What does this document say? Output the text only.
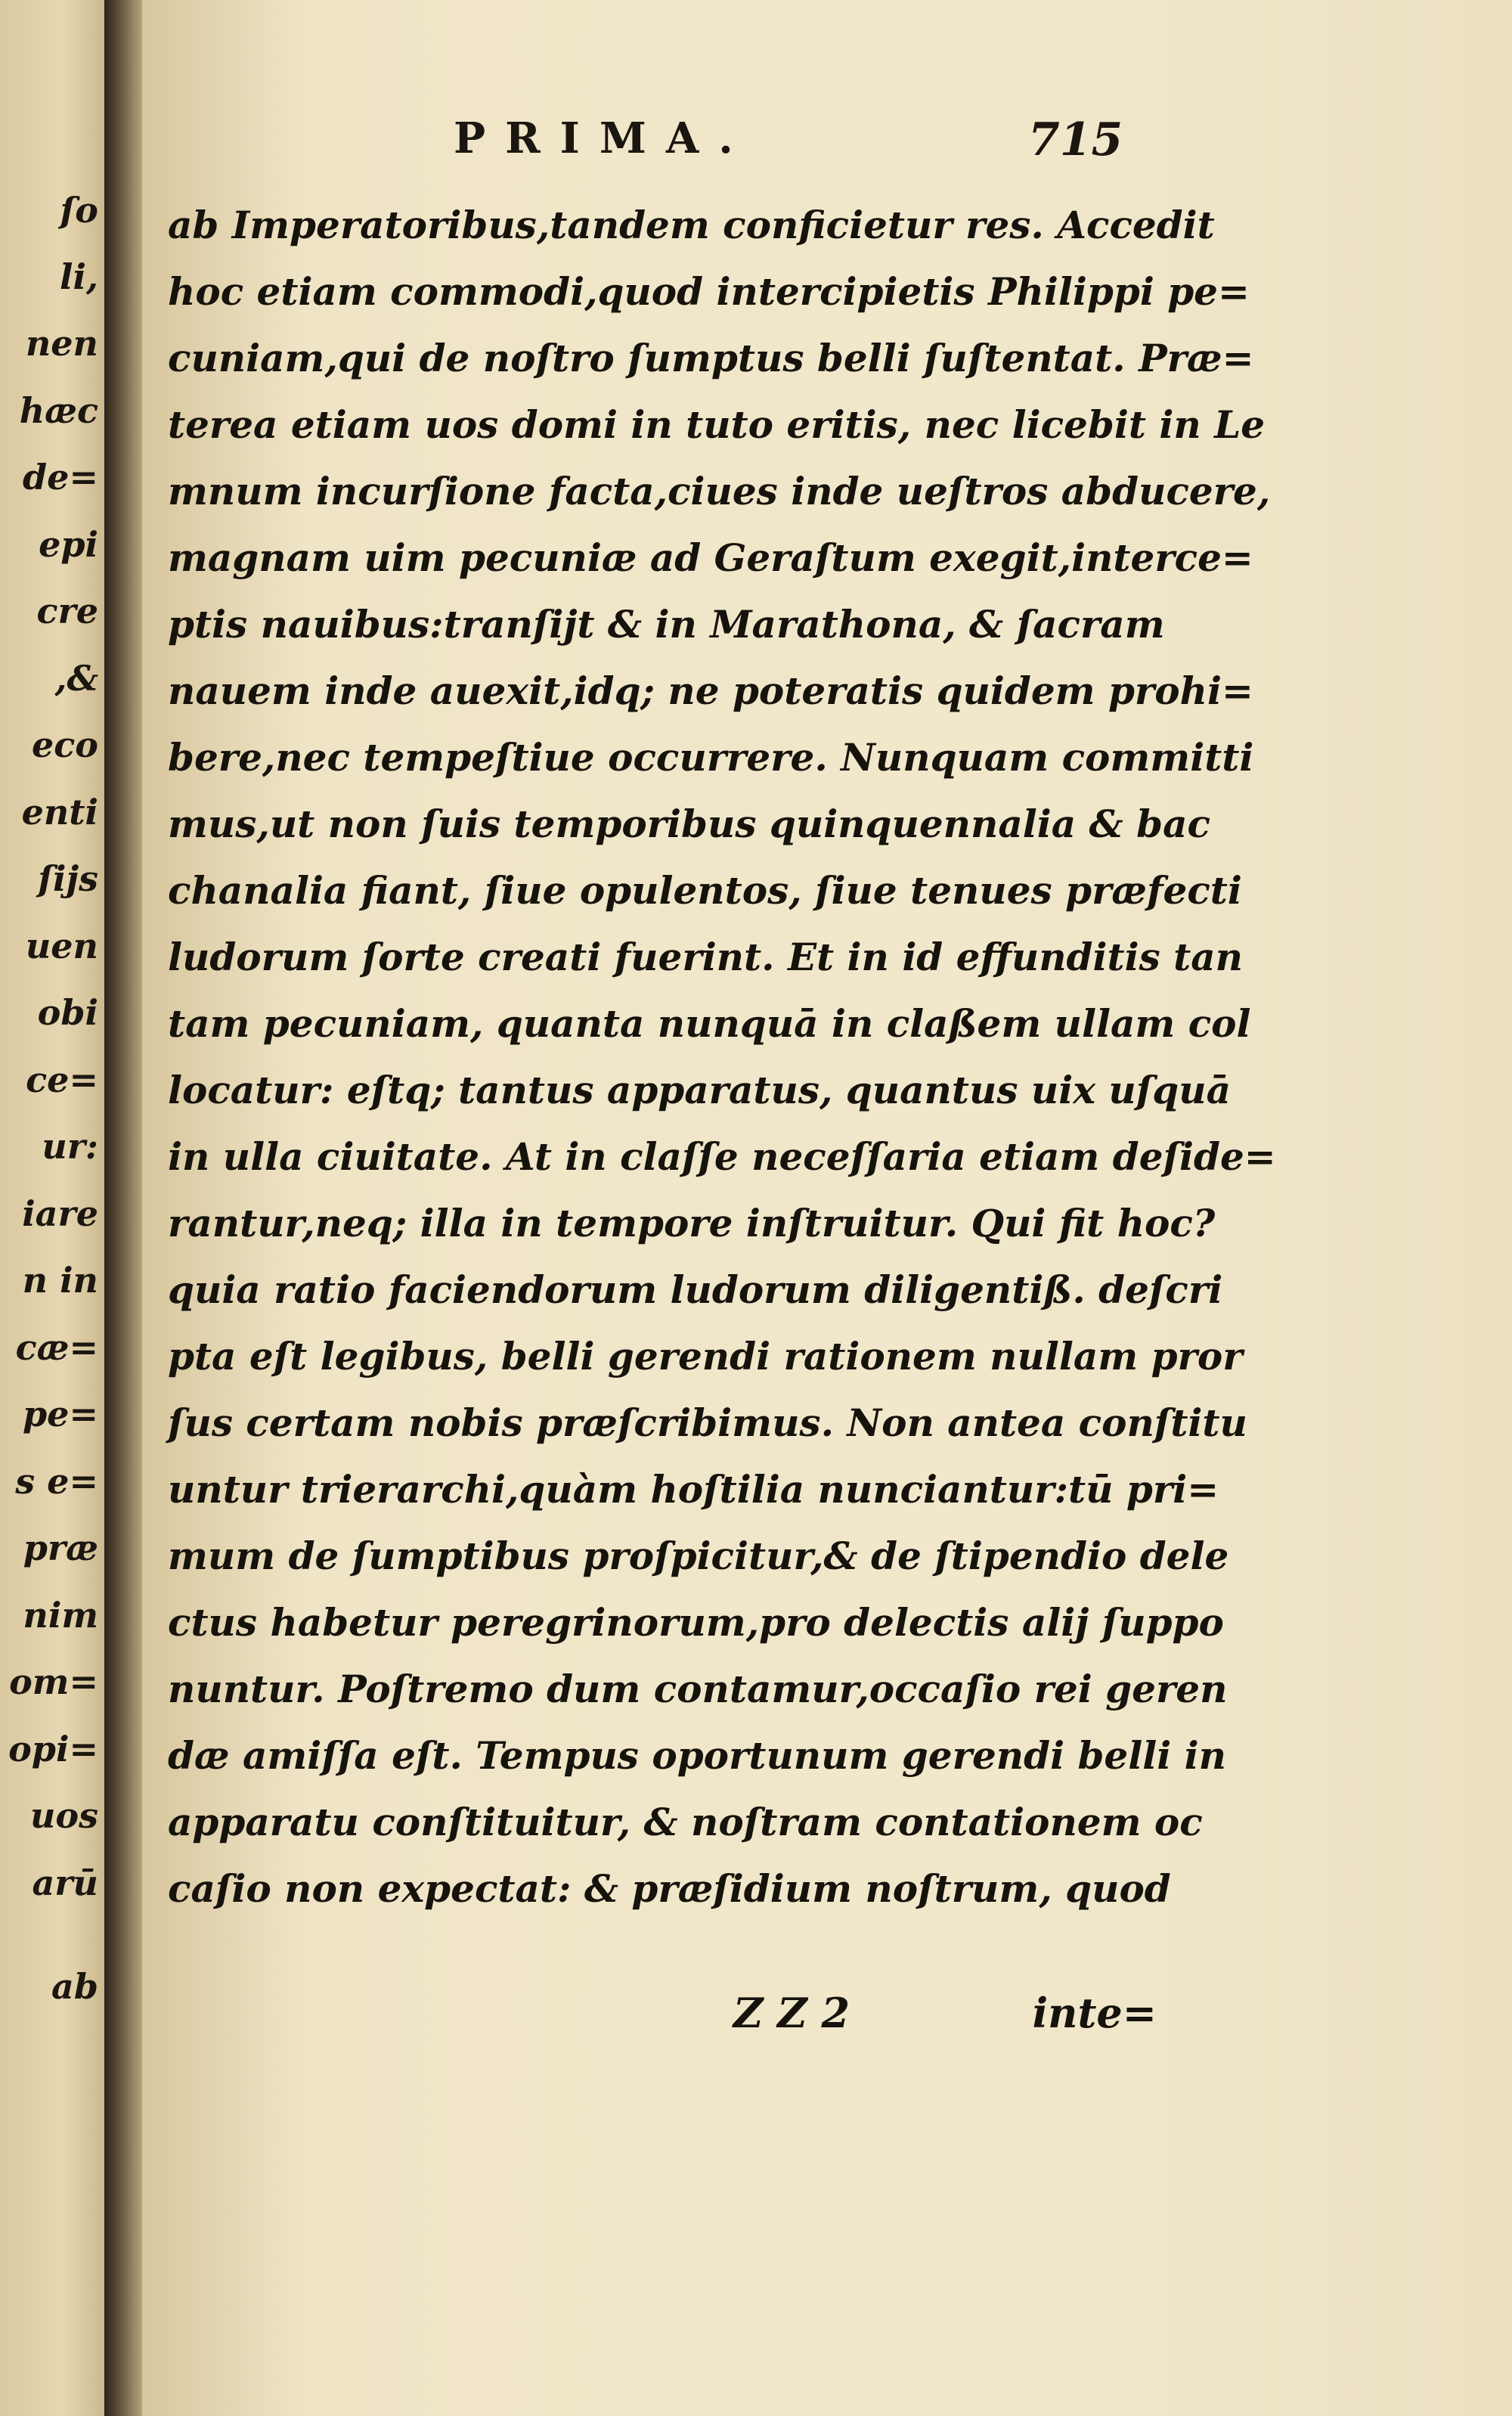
ſo
li,
nen
hæc
de=
epi
cre
,&
eco
enti
ſijs
uen
obi
ce=
ur:
iare
n in
cæ=
pe=
s e=
præ
nim
om=
opi=
uos
arū
ab
PRIMA.	715
ab Imperatoribus,tandem conficietur res. Accedit
hoc etiam commodi,quod intercipietis Philippi pe=
cuniam,qui de noſtro ſumptus belli ſuſtentat. Præ=
terea etiam uos domi in tuto eritis, nec licebit in Le
mnum incurſione facta,ciues inde ueſtros abducere,
magnam uim pecuniæ ad Geraſtum exegit,interce=
ptis nauibus:tranſijt & in Marathona, & ſacram
nauem inde auexit,idq; ne poteratis quidem prohi=
bere,nec tempeſtiue occurrere. Nunquam committi
mus,ut non ſuis temporibus quinquennalia & bac
chanalia fiant, ſiue opulentos, ſiue tenues præfecti
ludorum ſorte creati fuerint. Et in id effunditis tan
tam pecuniam, quanta nunquā in claßem ullam col
locatur: eſtq; tantus apparatus, quantus uix uſquā
in ulla ciuitate. At in claſſe neceſſaria etiam deſide=
rantur,neq; illa in tempore inſtruitur. Qui fit hoc?
quia ratio faciendorum ludorum diligentiß. deſcri
pta eſt legibus, belli gerendi rationem nullam pror
ſus certam nobis præſcribimus. Non antea conſtitu
untur trierarchi,quàm hoſtilia nunciantur:tū pri=
mum de ſumptibus proſpicitur,& de ſtipendio dele
ctus habetur peregrinorum,pro delectis alij ſuppo
nuntur. Poſtremo dum contamur,occaſio rei geren
dæ amiſſa eſt. Tempus oportunum gerendi belli in
apparatu conſtituitur, & noſtram contationem oc
caſio non expectat: & præſidium noſtrum, quod
Z Z 2	inte=
